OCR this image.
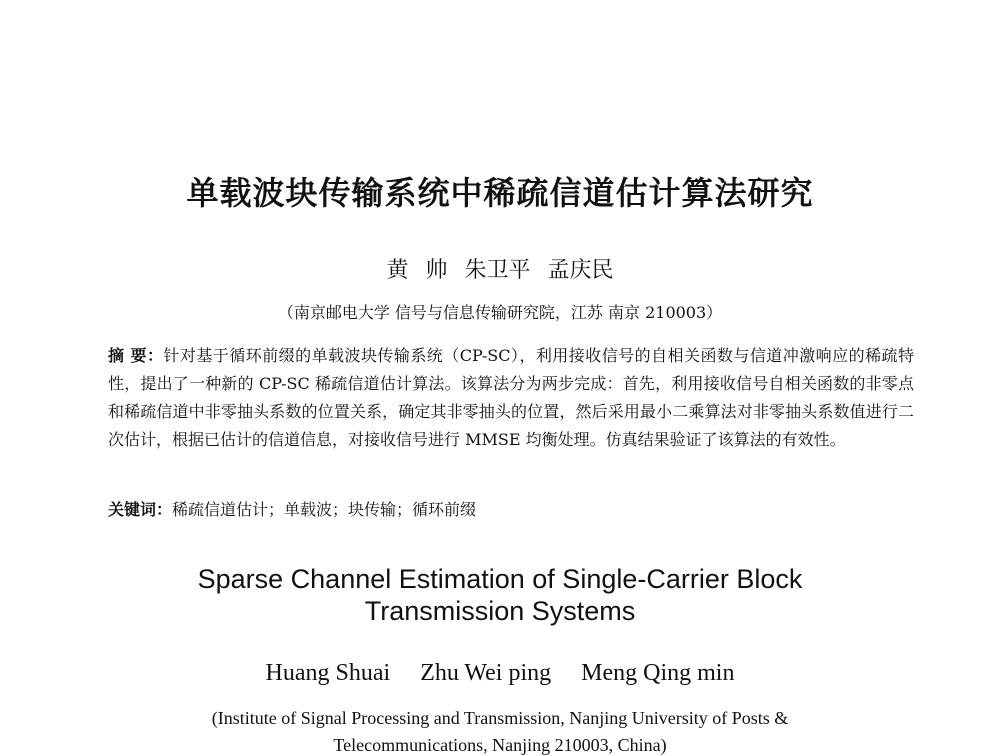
单载波块传输系统中稀疏信道估计算法研究
黄 帅 朱卫平 孟庆民
（南京邮电大学 信号与信息传输研究院，江苏 南京 210003）
摘 要：针对基于循环前缀的单载波块传输系统（CP-SC），利用接收信号的自相关函数与信道冲激响应的稀疏特性，提出了一种新的 CP-SC 稀疏信道估计算法。该算法分为两步完成：首先，利用接收信号自相关函数的非零点和稀疏信道中非零抽头系数的位置关系，确定其非零抽头的位置，然后采用最小二乘算法对非零抽头系数值进行二次估计，根据已估计的信道信息，对接收信号进行 MMSE 均衡处理。仿真结果验证了该算法的有效性。
关键词：稀疏信道估计；单载波；块传输；循环前缀
Sparse Channel Estimation of Single-Carrier Block
Transmission Systems
Huang Shuai Zhu Wei ping Meng Qing min
(Institute of Signal Processing and Transmission, Nanjing University of Posts &
Telecommunications, Nanjing 210003, China)
